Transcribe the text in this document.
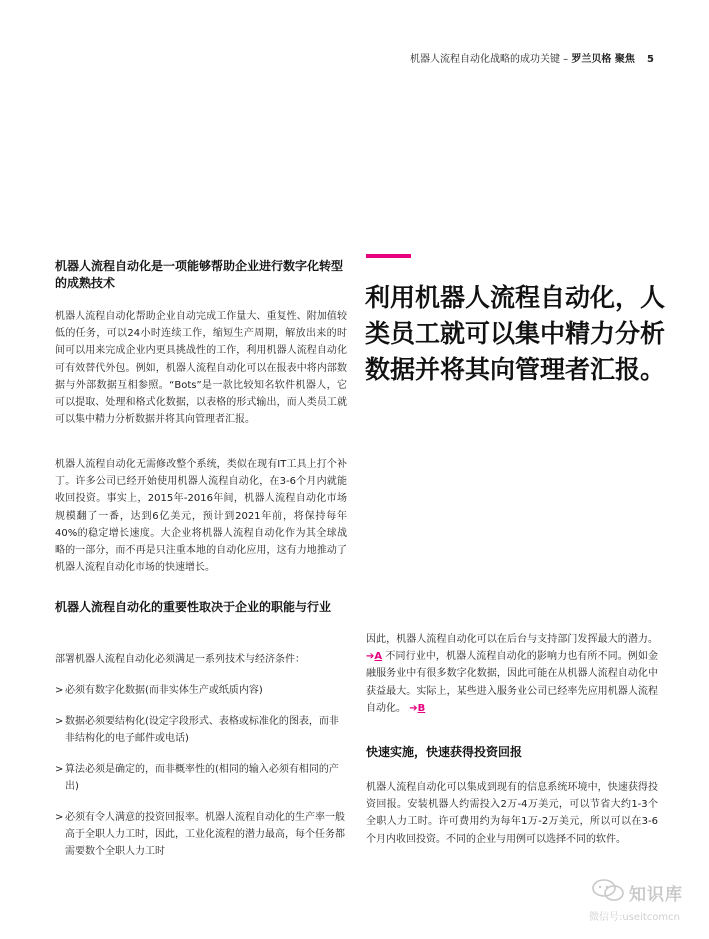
机器人流程自动化战略的成功关键 – 罗兰贝格 聚焦 5
利用机器人流程自动化，人类员工就可以集中精力分析数据并将其向管理者汇报。
机器人流程自动化是一项能够帮助企业进行数字化转型的成熟技术

机器人流程自动化帮助企业自动完成工作量大、重复性、附加值较低的任务，可以24小时连续工作，缩短生产周期，解放出来的时间可以用来完成企业内更具挑战性的工作，利用机器人流程自动化可有效替代外包。例如，机器人流程自动化可以在报表中将内部数据与外部数据互相参照。“Bots”是一款比较知名软件机器人，它可以提取、处理和格式化数据，以表格的形式输出，而人类员工就可以集中精力分析数据并将其向管理者汇报。

机器人流程自动化无需修改整个系统，类似在现有IT工具上打个补丁。许多公司已经开始使用机器人流程自动化，在3-6个月内就能收回投资。事实上，2015年-2016年间，机器人流程自动化市场规模翻了一番，达到6亿美元，预计到2021年前，将保持每年40%的稳定增长速度。大企业将机器人流程自动化作为其全球战略的一部分，而不再是只注重本地的自动化应用，这有力地推动了机器人流程自动化市场的快速增长。

机器人流程自动化的重要性取决于企业的职能与行业

部署机器人流程自动化必须满足一系列技术与经济条件：

> 必须有数字化数据(而非实体生产或纸质内容)
> 数据必须要结构化(设定字段形式、表格或标准化的图表，而非非结构化的电子邮件或电话)
> 算法必须是确定的，而非概率性的(相同的输入必须有相同的产出)
> 必须有令人满意的投资回报率。机器人流程自动化的生产率一般高于全职人力工时，因此，工业化流程的潜力最高，每个任务都需要数个全职人力工时

因此，机器人流程自动化可以在后台与支持部门发挥最大的潜力。 ➔A 不同行业中，机器人流程自动化的影响力也有所不同。例如金融服务业中有很多数字化数据，因此可能在从机器人流程自动化中获益最大。实际上，某些进入服务业公司已经率先应用机器人流程自动化。 ➔B

快速实施，快速获得投资回报

机器人流程自动化可以集成到现有的信息系统环境中，快速获得投资回报。安装机器人约需投入2万-4万美元，可以节省大约1-3个全职人力工时。许可费用约为每年1万-2万美元，所以可以在3-6个月内收回投资。不同的企业与用例可以选择不同的软件。

知识库
微信号:useitcomcn
